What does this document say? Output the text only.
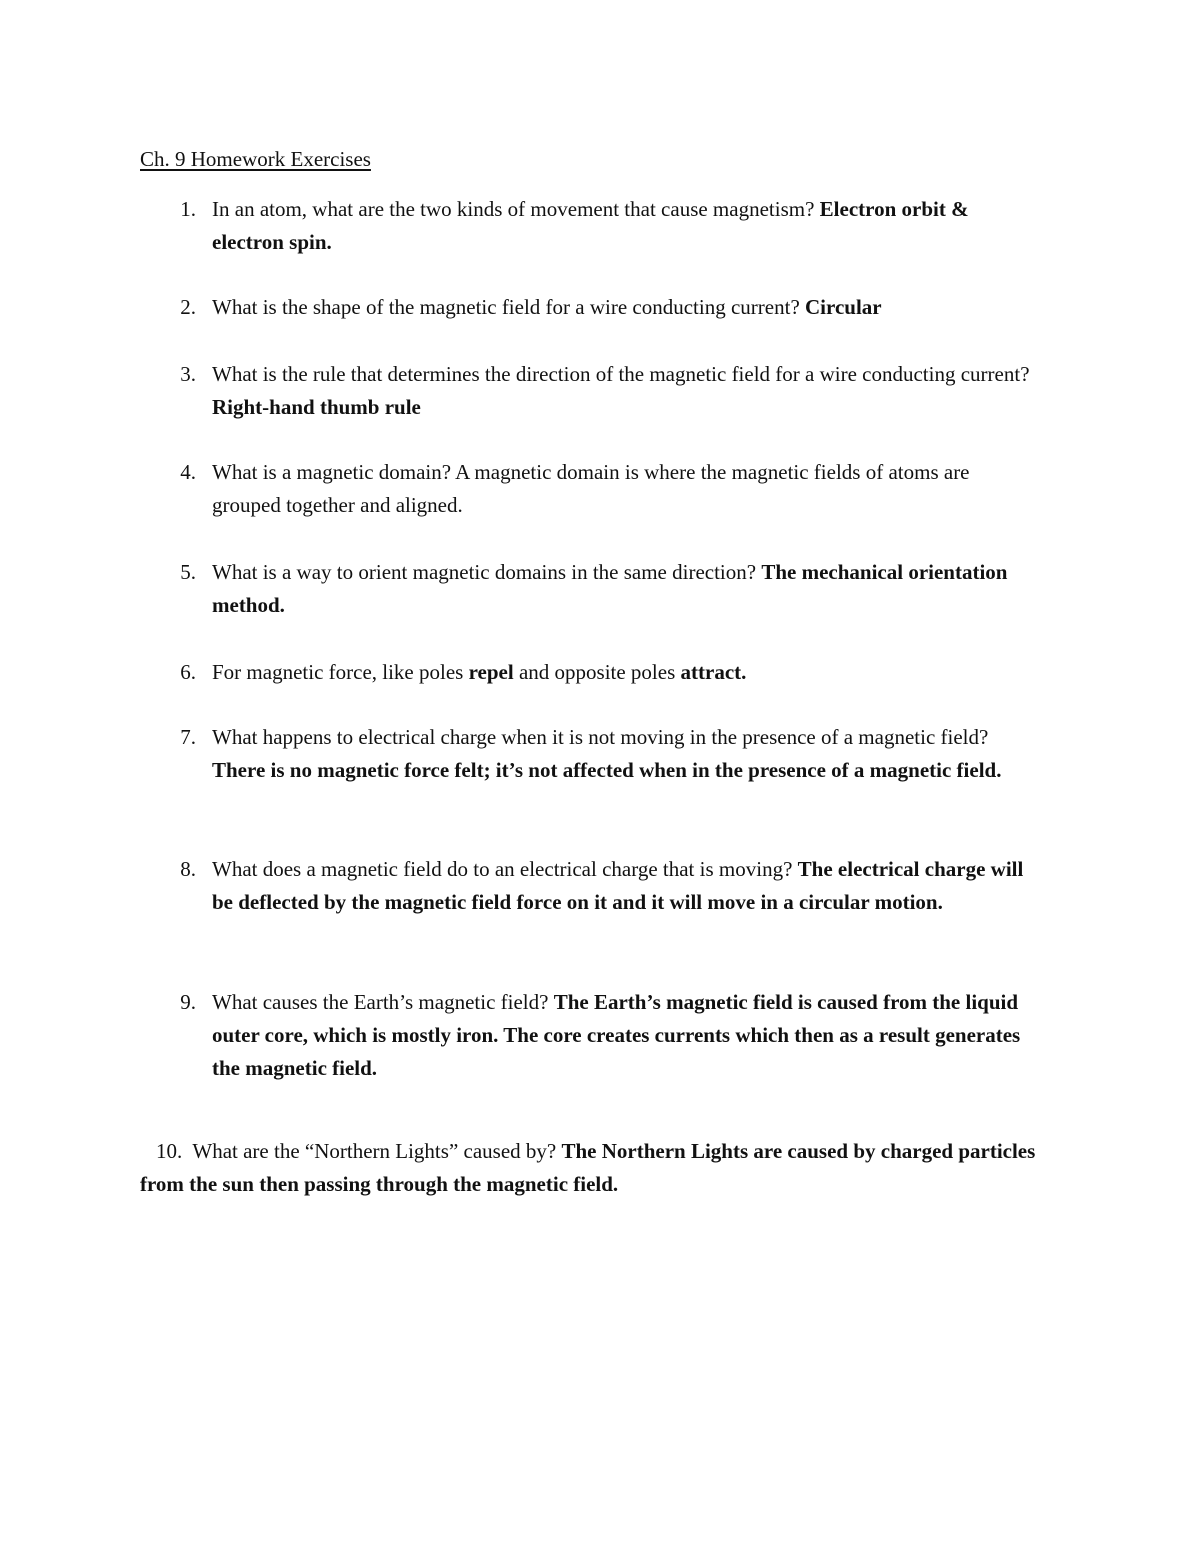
Ch. 9 Homework Exercises
1. In an atom, what are the two kinds of movement that cause magnetism? Electron orbit & electron spin.
2. What is the shape of the magnetic field for a wire conducting current? Circular
3. What is the rule that determines the direction of the magnetic field for a wire conducting current? Right-hand thumb rule
4. What is a magnetic domain? A magnetic domain is where the magnetic fields of atoms are grouped together and aligned.
5. What is a way to orient magnetic domains in the same direction? The mechanical orientation method.
6. For magnetic force, like poles repel and opposite poles attract.
7. What happens to electrical charge when it is not moving in the presence of a magnetic field? There is no magnetic force felt; it’s not affected when in the presence of a magnetic field.
8. What does a magnetic field do to an electrical charge that is moving? The electrical charge will be deflected by the magnetic field force on it and it will move in a circular motion.
9. What causes the Earth’s magnetic field? The Earth’s magnetic field is caused from the liquid outer core, which is mostly iron. The core creates currents which then as a result generates the magnetic field.
10. What are the “Northern Lights” caused by? The Northern Lights are caused by charged particles from the sun then passing through the magnetic field.
